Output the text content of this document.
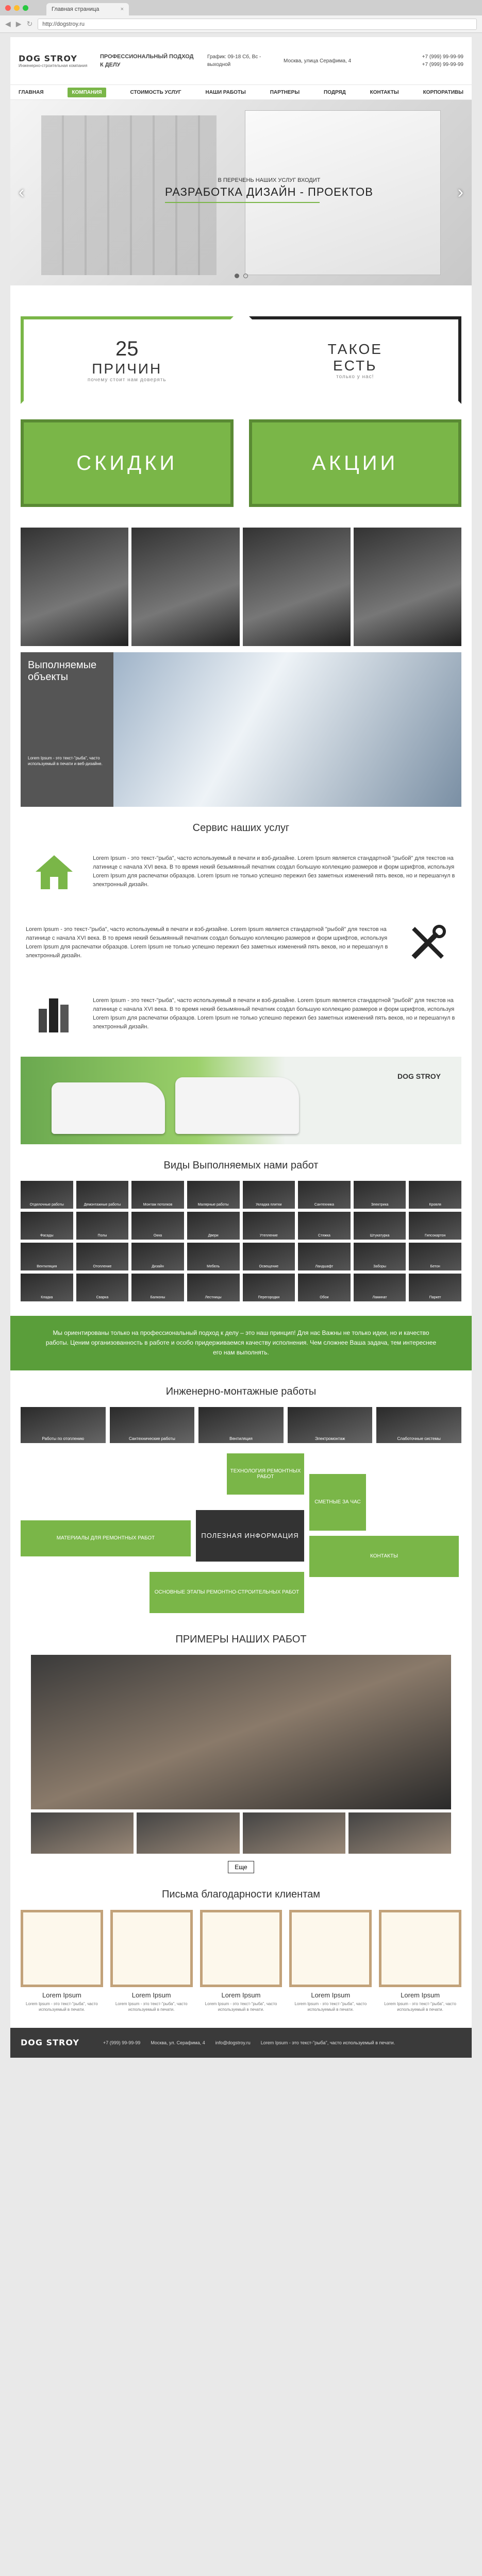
Главная страница	×
◀ ▶ ↻	http://dogstroy.ru
DOG STROY
Инженерно-строительная компания
ПРОФЕССИОНАЛЬНЫЙ ПОДХОД К ДЕЛУ
График: 09-18 Сб, Вс - выходной
Москва, улица Серафима, 4
+7 (999) 99-99-99
+7 (999) 99-99-99
ГЛАВНАЯ	КОМПАНИЯ	СТОИМОСТЬ УСЛУГ	НАШИ РАБОТЫ	ПАРТНЕРЫ	ПОДРЯД	КОНТАКТЫ	КОРПОРАТИВЫ
В ПЕРЕЧЕНЬ НАШИХ УСЛУГ ВХОДИТ
РАЗРАБОТКА ДИЗАЙН - ПРОЕКТОВ
‹	›
25
ПРИЧИН
почему стоит нам доверять
ТАКОЕ
ЕСТЬ
только у нас!
СКИДКИ	АКЦИИ
Выполняемые объекты

Lorem Ipsum - это текст-"рыба", часто используемый в печати и веб-дизайне.

Сервис наших услуг

Lorem Ipsum - это текст-"рыба", часто используемый в печати и вэб-дизайне. Lorem Ipsum является стандартной "рыбой" для текстов на латинице с начала XVI века. В то время некий безымянный печатник создал большую коллекцию размеров и форм шрифтов, используя Lorem Ipsum для распечатки образцов. Lorem Ipsum не только успешно пережил без заметных изменений пять веков, но и перешагнул в электронный дизайн.

Lorem Ipsum - это текст-"рыба", часто используемый в печати и вэб-дизайне. Lorem Ipsum является стандартной "рыбой" для текстов на латинице с начала XVI века. В то время некий безымянный печатник создал большую коллекцию размеров и форм шрифтов, используя Lorem Ipsum для распечатки образцов. Lorem Ipsum не только успешно пережил без заметных изменений пять веков, но и перешагнул в электронный дизайн.

Lorem Ipsum - это текст-"рыба", часто используемый в печати и вэб-дизайне. Lorem Ipsum является стандартной "рыбой" для текстов на латинице с начала XVI века. В то время некий безымянный печатник создал большую коллекцию размеров и форм шрифтов, используя Lorem Ipsum для распечатки образцов. Lorem Ipsum не только успешно пережил без заметных изменений пять веков, но и перешагнул в электронный дизайн.

DOG STROY
Виды Выполняемых нами работ
Отделочные работы	Демонтажные работы	Монтаж потолков	Малярные работы	Укладка плитки	Сантехника	Электрика	Кровля
Фасады	Полы	Окна	Двери	Утепление	Стяжка	Штукатурка	Гипсокартон
Вентиляция	Отопление	Дизайн	Мебель	Освещение	Ландшафт	Заборы	Бетон
Кладка	Сварка	Балконы	Лестницы	Перегородки	Обои	Ламинат	Паркет
Мы ориентированы только на профессиональный подход к делу – это наш принцип! Для нас Важны не только идеи, но и качество работы. Ценим организованность в работе и особо придерживаемся качеству исполнения. Чем сложнее Ваша задача, тем интереснее его нам выполнять.
Инженерно-монтажные работы
Работы по отоплению	Сантехнические работы	Вентиляция	Электромонтаж	Слаботочные системы
ТЕХНОЛОГИЯ РЕМОНТНЫХ РАБОТ
СМЕТНЫЕ ЗА ЧАС
МАТЕРИАЛЫ ДЛЯ РЕМОНТНЫХ РАБОТ	ПОЛЕЗНАЯ ИНФОРМАЦИЯ
КОНТАКТЫ
ОСНОВНЫЕ ЭТАПЫ РЕМОНТНО-СТРОИТЕЛЬНЫХ РАБОТ
ПРИМЕРЫ НАШИХ РАБОТ
Еще
Письма благодарности клиентам
Lorem Ipsum
Lorem Ipsum - это текст-"рыба", часто используемый в печати.
Lorem Ipsum
Lorem Ipsum - это текст-"рыба", часто используемый в печати.
Lorem Ipsum
Lorem Ipsum - это текст-"рыба", часто используемый в печати.
Lorem Ipsum
Lorem Ipsum - это текст-"рыба", часто используемый в печати.
Lorem Ipsum
Lorem Ipsum - это текст-"рыба", часто используемый в печати.
DOG STROY	+7 (999) 99-99-99 Москва, ул. Серафима, 4 info@dogstroy.ru Lorem Ipsum - это текст-"рыба", часто используемый в печати.
